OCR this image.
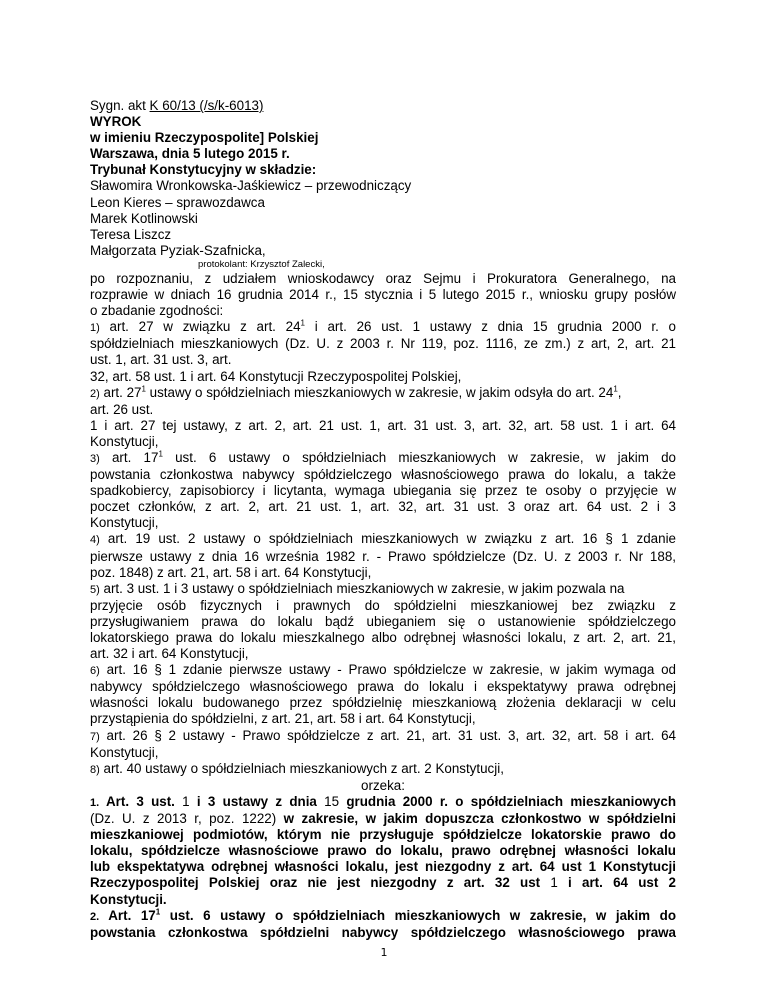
Sygn. akt K 60/13 (/s/k-6013)
WYROK
w imieniu Rzeczypospolite] Polskiej
Warszawa, dnia 5 lutego 2015 r.
Trybunał Konstytucyjny w składzie:
Sławomira Wronkowska-Jaśkiewicz – przewodniczący
Leon Kieres – sprawozdawca
Marek Kotlinowski
Teresa Liszcz
Małgorzata Pyziak-Szafnicka,
protokolant: Krzysztof Zalecki,
po rozpoznaniu, z udziałem wnioskodawcy oraz Sejmu i Prokuratora Generalnego, na
rozprawie w dniach 16 grudnia 2014 r., 15 stycznia i 5 lutego 2015 r., wniosku grupy posłów
o zbadanie zgodności:
1) art. 27 w związku z art. $24^1$ i art. 26 ust. 1 ustawy z dnia 15 grudnia 2000 r. o
spółdzielniach mieszkaniowych (Dz. U. z 2003 r. Nr 119, poz. 1116, ze zm.) z art, 2, art. 21
ust. 1, art. 31 ust. 3, art.
32, art. 58 ust. 1 i art. 64 Konstytucji Rzeczypospolitej Polskiej,
2) art. $27^1$ ustawy o spółdzielniach mieszkaniowych w zakresie, w jakim odsyła do art. $24^1$,
art. 26 ust.
1 i art. 27 tej ustawy, z art. 2, art. 21 ust. 1, art. 31 ust. 3, art. 32, art. 58 ust. 1 i art. 64
Konstytucji,
3) art. $17^1$ ust. 6 ustawy o spółdzielniach mieszkaniowych w zakresie, w jakim do
powstania członkostwa nabywcy spółdzielczego własnościowego prawa do lokalu, a także
spadkobiercy, zapisobiorcy i licytanta, wymaga ubiegania się przez te osoby o przyjęcie w
poczet członków, z art. 2, art. 21 ust. 1, art. 32, art. 31 ust. 3 oraz art. 64 ust. 2 i 3
Konstytucji,
4) art. 19 ust. 2 ustawy o spółdzielniach mieszkaniowych w związku z art. 16 § 1 zdanie
pierwsze ustawy z dnia 16 września 1982 r. - Prawo spółdzielcze (Dz. U. z 2003 r. Nr 188,
poz. 1848) z art. 21, art. 58 i art. 64 Konstytucji,
5) art. 3 ust. 1 i 3 ustawy o spółdzielniach mieszkaniowych w zakresie, w jakim pozwala na
przyjęcie osób fizycznych i prawnych do spółdzielni mieszkaniowej bez związku z
przysługiwaniem prawa do lokalu bądź ubieganiem się o ustanowienie spółdzielczego
lokatorskiego prawa do lokalu mieszkalnego albo odrębnej własności lokalu, z art. 2, art. 21,
art. 32 i art. 64 Konstytucji,
6) art. 16 § 1 zdanie pierwsze ustawy - Prawo spółdzielcze w zakresie, w jakim wymaga od
nabywcy spółdzielczego własnościowego prawa do lokalu i ekspektatywy prawa odrębnej
własności lokalu budowanego przez spółdzielnię mieszkaniową złożenia deklaracji w celu
przystąpienia do spółdzielni, z art. 21, art. 58 i art. 64 Konstytucji,
7) art. 26 § 2 ustawy - Prawo spółdzielcze z art. 21, art. 31 ust. 3, art. 32, art. 58 i art. 64
Konstytucji,
8) art. 40 ustawy o spółdzielniach mieszkaniowych z art. 2 Konstytucji,
orzeka:
1. Art. 3 ust. 1 i 3 ustawy z dnia 15 grudnia 2000 r. o spółdzielniach mieszkaniowych
(Dz. U. z 2013 r, poz. 1222) w zakresie, w jakim dopuszcza członkostwo w spółdzielni
mieszkaniowej podmiotów, którym nie przysługuje spółdzielcze lokatorskie prawo do
lokalu, spółdzielcze własnościowe prawo do lokalu, prawo odrębnej własności lokalu
lub ekspektatywa odrębnej własności lokalu, jest niezgodny z art. 64 ust 1 Konstytucji
Rzeczypospolitej Polskiej oraz nie jest niezgodny z art. 32 ust 1 i art. 64 ust 2
Konstytucji.
2. Art. $17^1$ ust. 6 ustawy o spółdzielniach mieszkaniowych w zakresie, w jakim do
powstania członkostwa spółdzielni nabywcy spółdzielczego własnościowego prawa
1
